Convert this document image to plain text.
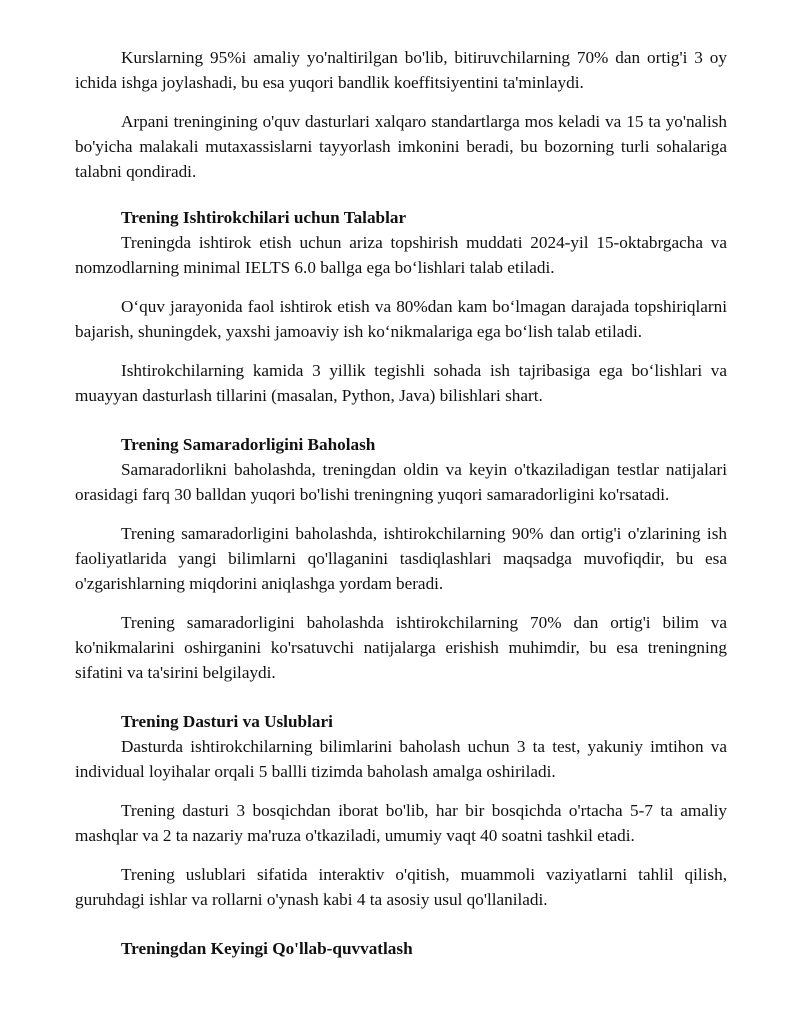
Kurslarning 95%i amaliy yo'naltirilgan bo'lib, bitiruvchilarning 70% dan ortig'i 3 oy ichida ishga joylashadi, bu esa yuqori bandlik koeffitsiyentini ta'minlaydi.

Arpani treningining o'quv dasturlari xalqaro standartlarga mos keladi va 15 ta yo'nalish bo'yicha malakali mutaxassislarni tayyorlash imkonini beradi, bu bozorning turli sohalariga talabni qondiradi.

Trening Ishtirokchilari uchun Talablar

Treningda ishtirok etish uchun ariza topshirish muddati 2024-yil 15-oktabrgacha va nomzodlarning minimal IELTS 6.0 ballga ega bo‘lishlari talab etiladi.

O‘quv jarayonida faol ishtirok etish va 80%dan kam bo‘lmagan darajada topshiriqlarni bajarish, shuningdek, yaxshi jamoaviy ish ko‘nikmalariga ega bo‘lish talab etiladi.

Ishtirokchilarning kamida 3 yillik tegishli sohada ish tajribasiga ega bo‘lishlari va muayyan dasturlash tillarini (masalan, Python, Java) bilishlari shart.

Trening Samaradorligini Baholash

Samaradorlikni baholashda, treningdan oldin va keyin o'tkaziladigan testlar natijalari orasidagi farq 30 balldan yuqori bo'lishi treningning yuqori samaradorligini ko'rsatadi.

Trening samaradorligini baholashda, ishtirokchilarning 90% dan ortig'i o'zlarining ish faoliyatlarida yangi bilimlarni qo'llaganini tasdiqlashlari maqsadga muvofiqdir, bu esa o'zgarishlarning miqdorini aniqlashga yordam beradi.

Trening samaradorligini baholashda ishtirokchilarning 70% dan ortig'i bilim va ko'nikmalarini oshirganini ko'rsatuvchi natijalarga erishish muhimdir, bu esa treningning sifatini va ta'sirini belgilaydi.

Trening Dasturi va Uslublari

Dasturda ishtirokchilarning bilimlarini baholash uchun 3 ta test, yakuniy imtihon va individual loyihalar orqali 5 ballli tizimda baholash amalga oshiriladi.

Trening dasturi 3 bosqichdan iborat bo'lib, har bir bosqichda o'rtacha 5-7 ta amaliy mashqlar va 2 ta nazariy ma'ruza o'tkaziladi, umumiy vaqt 40 soatni tashkil etadi.

Trening uslublari sifatida interaktiv o'qitish, muammoli vaziyatlarni tahlil qilish, guruhdagi ishlar va rollarni o'ynash kabi 4 ta asosiy usul qo'llaniladi.

Treningdan Keyingi Qo'llab-quvvatlash
